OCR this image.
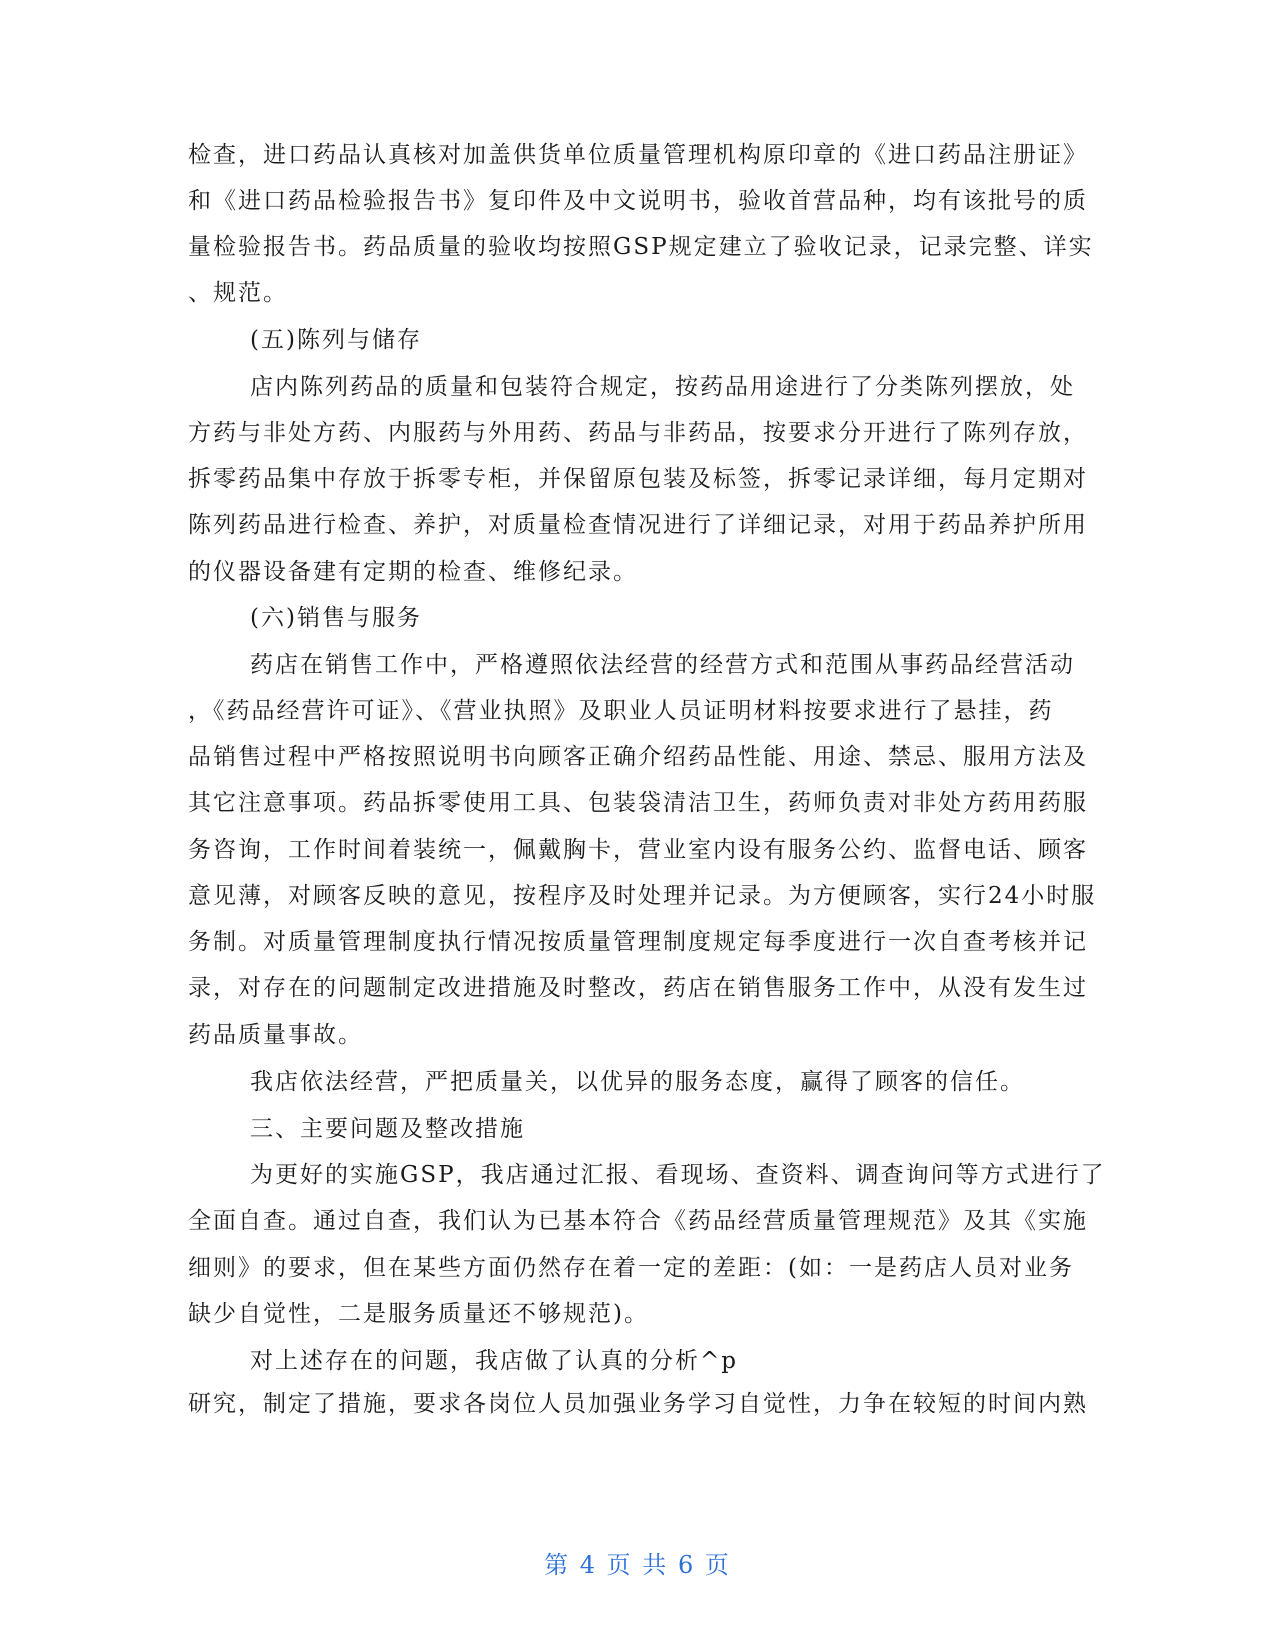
检查，进口药品认真核对加盖供货单位质量管理机构原印章的《进口药品注册证》
和《进口药品检验报告书》复印件及中文说明书，验收首营品种，均有该批号的质
量检验报告书。药品质量的验收均按照GSP规定建立了验收记录，记录完整、详实
、规范。
(五)陈列与储存
店内陈列药品的质量和包装符合规定，按药品用途进行了分类陈列摆放，处
方药与非处方药、内服药与外用药、药品与非药品，按要求分开进行了陈列存放，
拆零药品集中存放于拆零专柜，并保留原包装及标签，拆零记录详细，每月定期对
陈列药品进行检查、养护，对质量检查情况进行了详细记录，对用于药品养护所用
的仪器设备建有定期的检查、维修纪录。
(六)销售与服务
药店在销售工作中，严格遵照依法经营的经营方式和范围从事药品经营活动
，《药品经营许可证》、《营业执照》及职业人员证明材料按要求进行了悬挂，药
品销售过程中严格按照说明书向顾客正确介绍药品性能、用途、禁忌、服用方法及
其它注意事项。药品拆零使用工具、包装袋清洁卫生，药师负责对非处方药用药服
务咨询，工作时间着装统一，佩戴胸卡，营业室内设有服务公约、监督电话、顾客
意见薄，对顾客反映的意见，按程序及时处理并记录。为方便顾客，实行24小时服
务制。对质量管理制度执行情况按质量管理制度规定每季度进行一次自查考核并记
录，对存在的问题制定改进措施及时整改，药店在销售服务工作中，从没有发生过
药品质量事故。
我店依法经营，严把质量关，以优异的服务态度，赢得了顾客的信任。
三、主要问题及整改措施
为更好的实施GSP，我店通过汇报、看现场、查资料、调查询问等方式进行了
全面自查。通过自查，我们认为已基本符合《药品经营质量管理规范》及其《实施
细则》的要求，但在某些方面仍然存在着一定的差距：(如：一是药店人员对业务
缺少自觉性，二是服务质量还不够规范)。
对上述存在的问题，我店做了认真的分析^p
研究，制定了措施，要求各岗位人员加强业务学习自觉性，力争在较短的时间内熟
第 4 页 共 6 页
